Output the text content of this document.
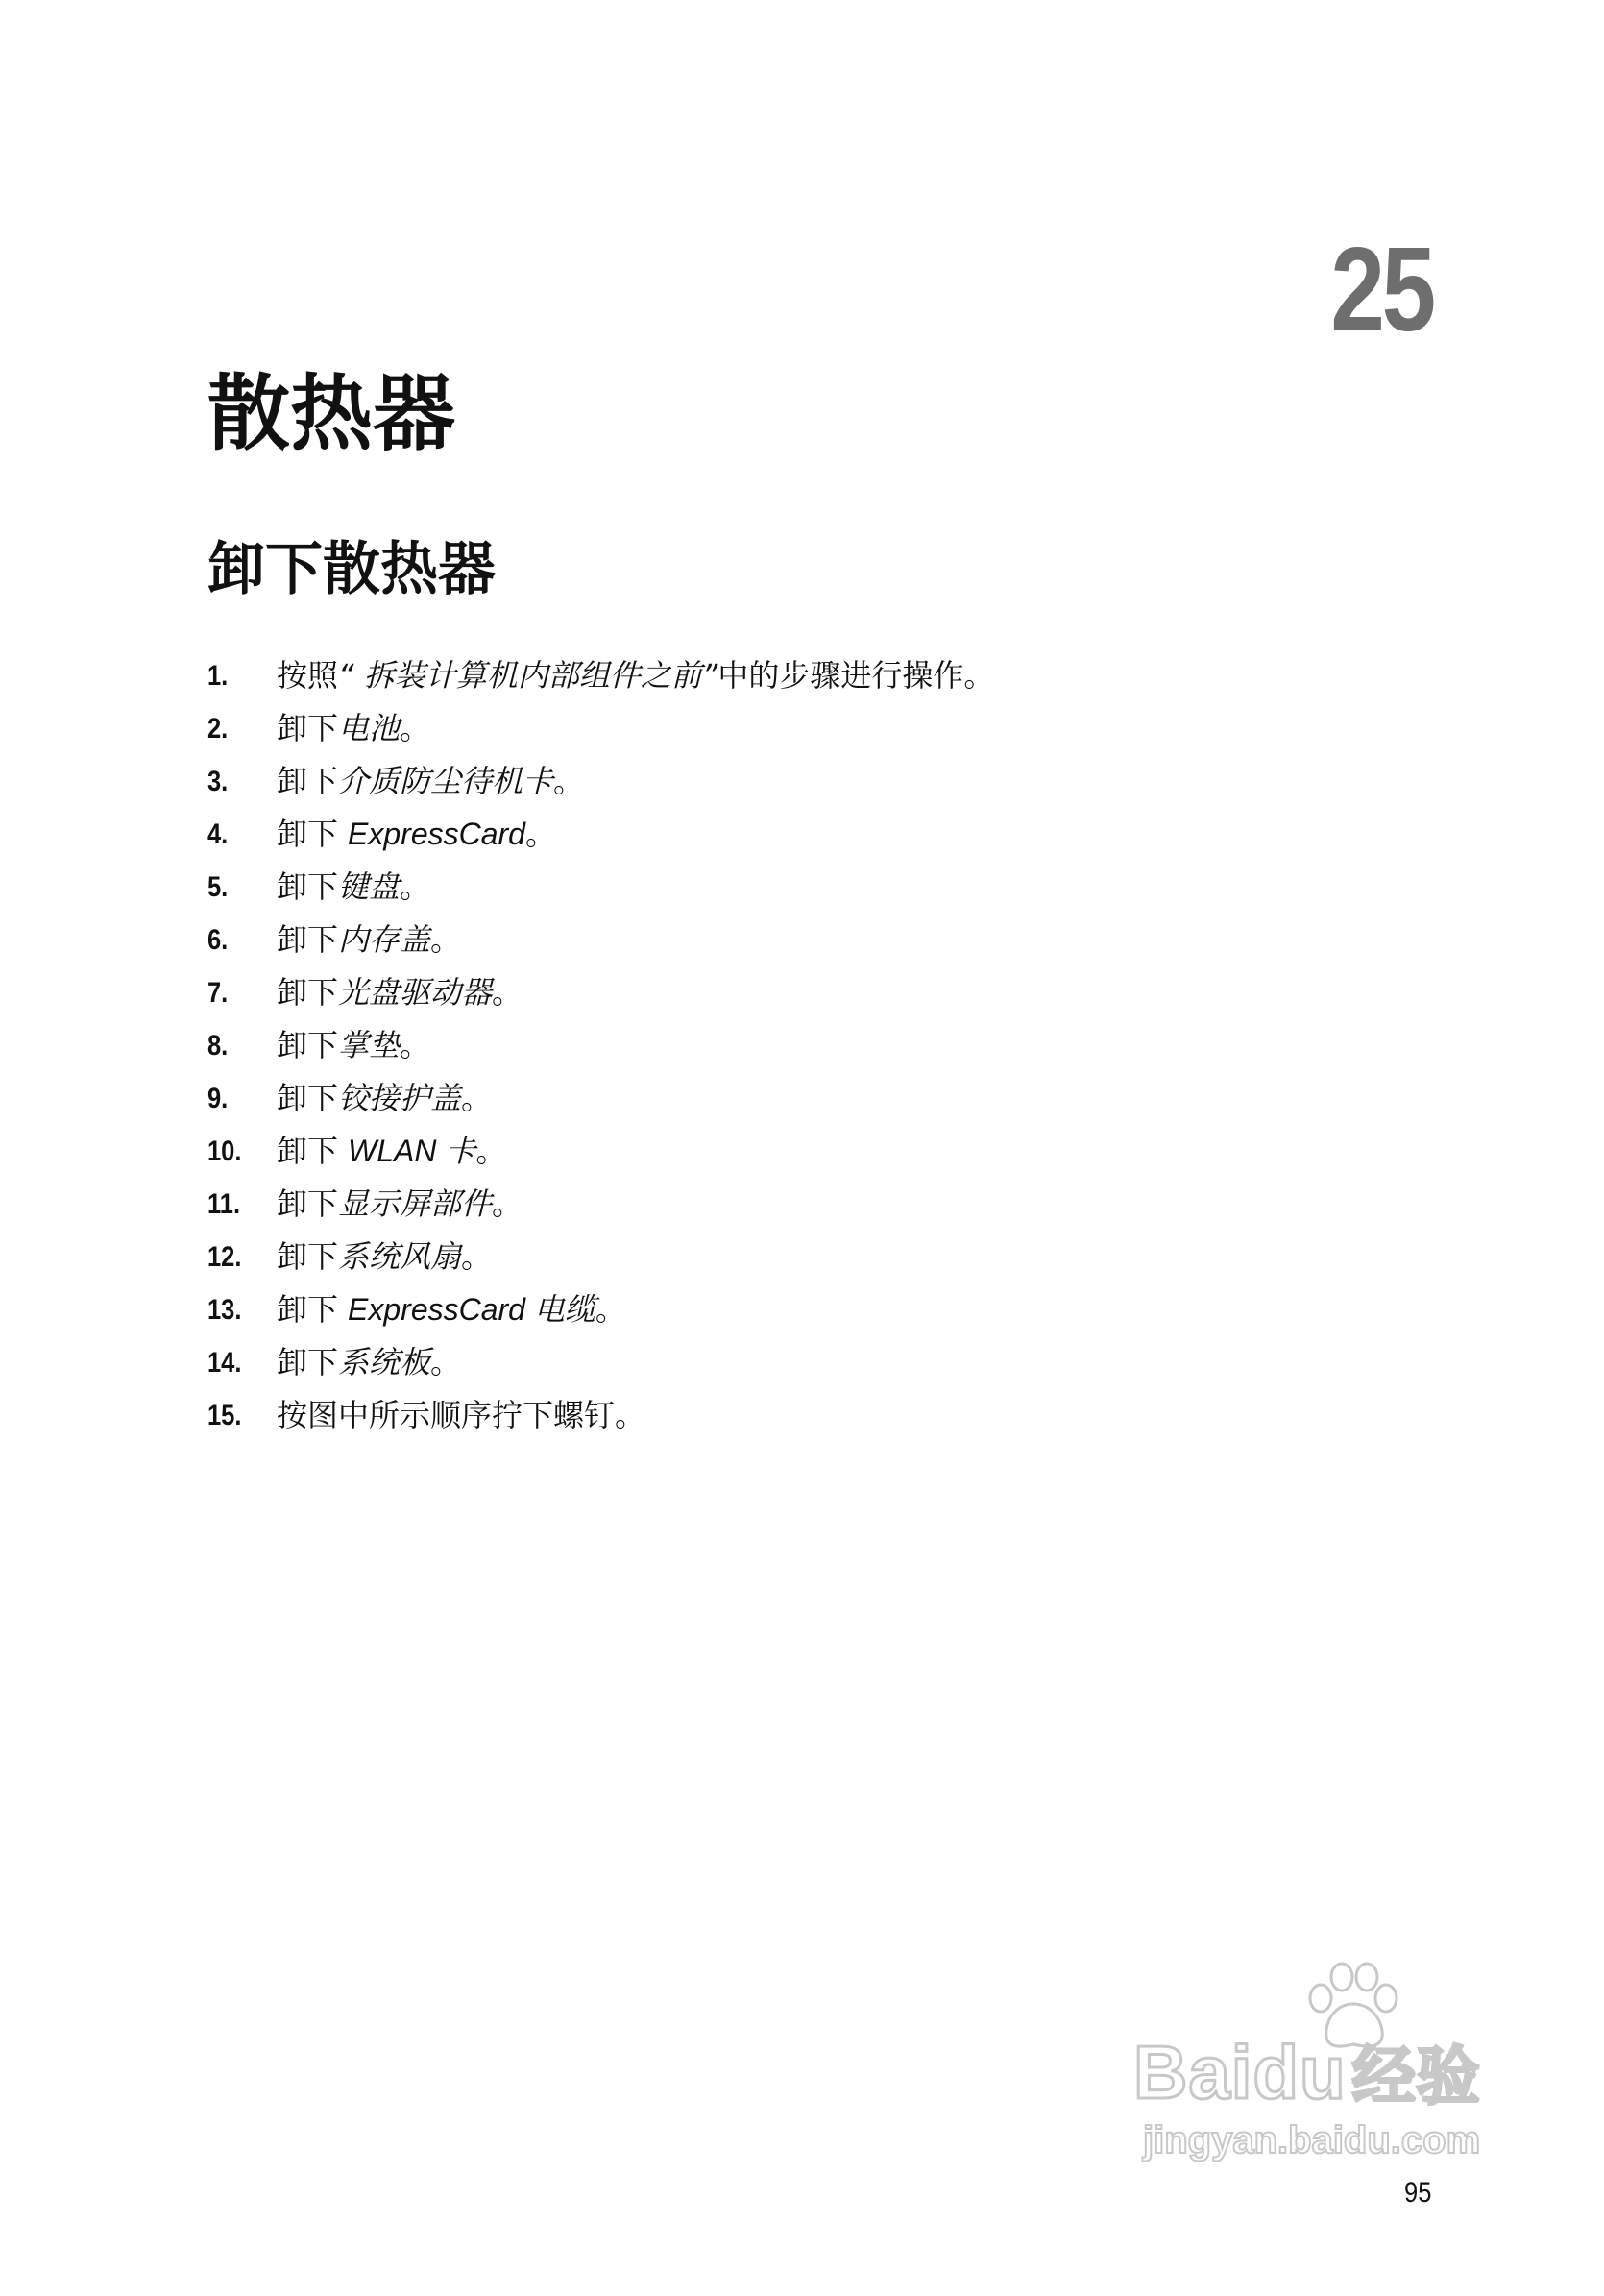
25
散热器
卸下散热器
1.	按照 “ 拆装计算机内部组件之前” 中的步骤进行操作。
2.	卸下 电池 。
3.	卸下 介质防尘待机卡 。
4.	卸下 ExpressCard 。
5.	卸下 键盘 。
6.	卸下 内存盖 。
7.	卸下 光盘驱动器 。
8.	卸下 掌垫 。
9.	卸下 铰接护盖 。
10.	卸下 WLAN 卡 。
11.	卸下 显示屏部件 。
12.	卸下 系统风扇 。
13.	卸下 ExpressCard 电缆 。
14.	卸下 系统板 。
15.	按图中所示顺序拧下螺钉。
Baidu经验
jingyan.baidu.com
95
